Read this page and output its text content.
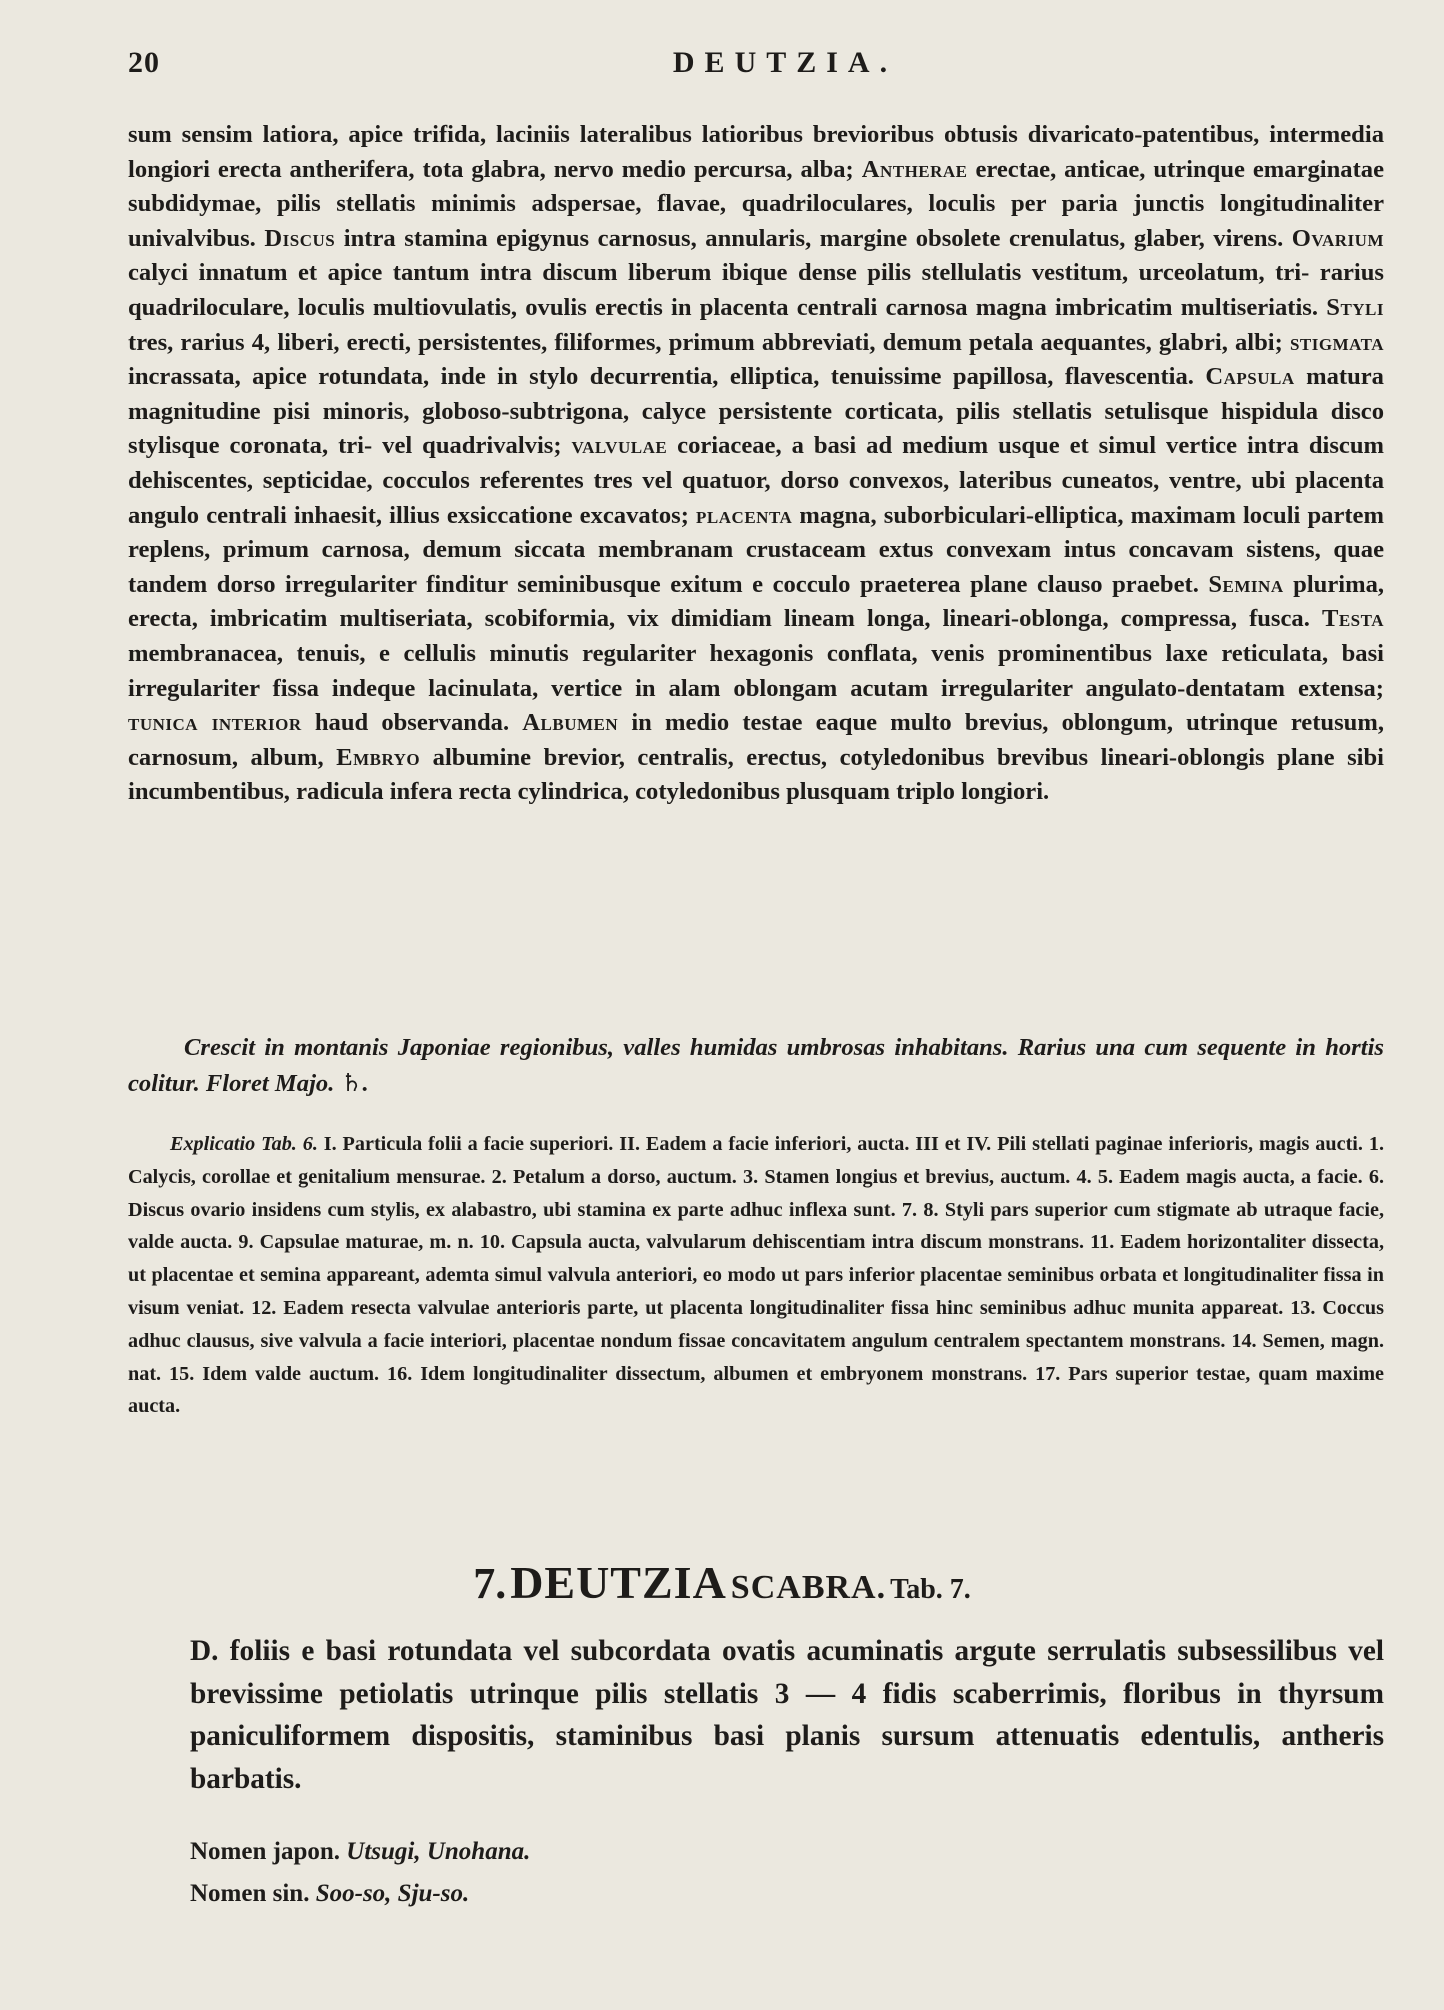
20	DEUTZIA.

sum sensim latiora, apice trifida, laciniis lateralibus latioribus brevioribus obtusis divaricato-patentibus, intermedia longiori erecta antherifera, tota glabra, nervo medio percursa, alba; Antherae erectae, anticae, utrinque emarginatae subdidymae, pilis stellatis minimis adspersae, flavae, quadriloculares, loculis per paria junctis longitudinaliter univalvibus. Discus intra stamina epigynus carnosus, annularis, margine obsolete crenulatus, glaber, virens. Ovarium calyci innatum et apice tantum intra discum liberum ibique dense pilis stellulatis vestitum, urceolatum, tri- rarius quadriloculare, loculis multiovulatis, ovulis erectis in placenta centrali carnosa magna imbricatim multiseriatis. Styli tres, rarius 4, liberi, erecti, persistentes, filiformes, primum abbreviati, demum petala aequantes, glabri, albi; stigmata incrassata, apice rotundata, inde in stylo decurrentia, elliptica, tenuissime papillosa, flavescentia. Capsula matura magnitudine pisi minoris, globoso-subtrigona, calyce persistente corticata, pilis stellatis setulisque hispidula disco stylisque coronata, tri- vel quadrivalvis; valvulae coriaceae, a basi ad medium usque et simul vertice intra discum dehiscentes, septicidae, cocculos referentes tres vel quatuor, dorso convexos, lateribus cuneatos, ventre, ubi placenta angulo centrali inhaesit, illius exsiccatione excavatos; placenta magna, suborbiculari-elliptica, maximam loculi partem replens, primum carnosa, demum siccata membranam crustaceam extus convexam intus concavam sistens, quae tandem dorso irregulariter finditur seminibusque exitum e cocculo praeterea plane clauso praebet. Semina plurima, erecta, imbricatim multiseriata, scobiformia, vix dimidiam lineam longa, lineari-oblonga, compressa, fusca. Testa membranacea, tenuis, e cellulis minutis regulariter hexagonis conflata, venis prominentibus laxe reticulata, basi irregulariter fissa indeque lacinulata, vertice in alam oblongam acutam irregulariter angulato-dentatam extensa; tunica interior haud observanda. Albumen in medio testae eaque multo brevius, oblongum, utrinque retusum, carnosum, album, Embryo albumine brevior, centralis, erectus, cotyledonibus brevibus lineari-oblongis plane sibi incumbentibus, radicula infera recta cylindrica, cotyledonibus plusquam triplo longiori.

Crescit in montanis Japoniae regionibus, valles humidas umbrosas inhabitans. Rarius una cum sequente in hortis colitur. Floret Majo. ♄.
Explicatio Tab. 6. I. Particula folii a facie superiori. II. Eadem a facie inferiori, aucta. III et IV. Pili stellati paginae inferioris, magis aucti. 1. Calycis, corollae et genitalium mensurae. 2. Petalum a dorso, auctum. 3. Stamen longius et brevius, auctum. 4. 5. Eadem magis aucta, a facie. 6. Discus ovario insidens cum stylis, ex alabastro, ubi stamina ex parte adhuc inflexa sunt. 7. 8. Styli pars superior cum stigmate ab utraque facie, valde aucta. 9. Capsulae maturae, m. n. 10. Capsula aucta, valvularum dehiscentiam intra discum monstrans. 11. Eadem horizontaliter dissecta, ut placentae et semina appareant, ademta simul valvula anteriori, eo modo ut pars inferior placentae seminibus orbata et longitudinaliter fissa in visum veniat. 12. Eadem resecta valvulae anterioris parte, ut placenta longitudinaliter fissa hinc seminibus adhuc munita appareat. 13. Coccus adhuc clausus, sive valvula a facie interiori, placentae nondum fissae concavitatem angulum centralem spectantem monstrans. 14. Semen, magn. nat. 15. Idem valde auctum. 16. Idem longitudinaliter dissectum, albumen et embryonem monstrans. 17. Pars superior testae, quam maxime aucta.
7. DEUTZIA SCABRA. Tab. 7.
D. foliis e basi rotundata vel subcordata ovatis acuminatis argute serrulatis subsessilibus vel brevissime petiolatis utrinque pilis stellatis 3 — 4 fidis scaberrimis, floribus in thyrsum paniculiformem dispositis, staminibus basi planis sursum attenuatis edentulis, antheris barbatis.
Nomen japon. Utsugi, Unohana.
Nomen sin. Soo-so, Sju-so.
